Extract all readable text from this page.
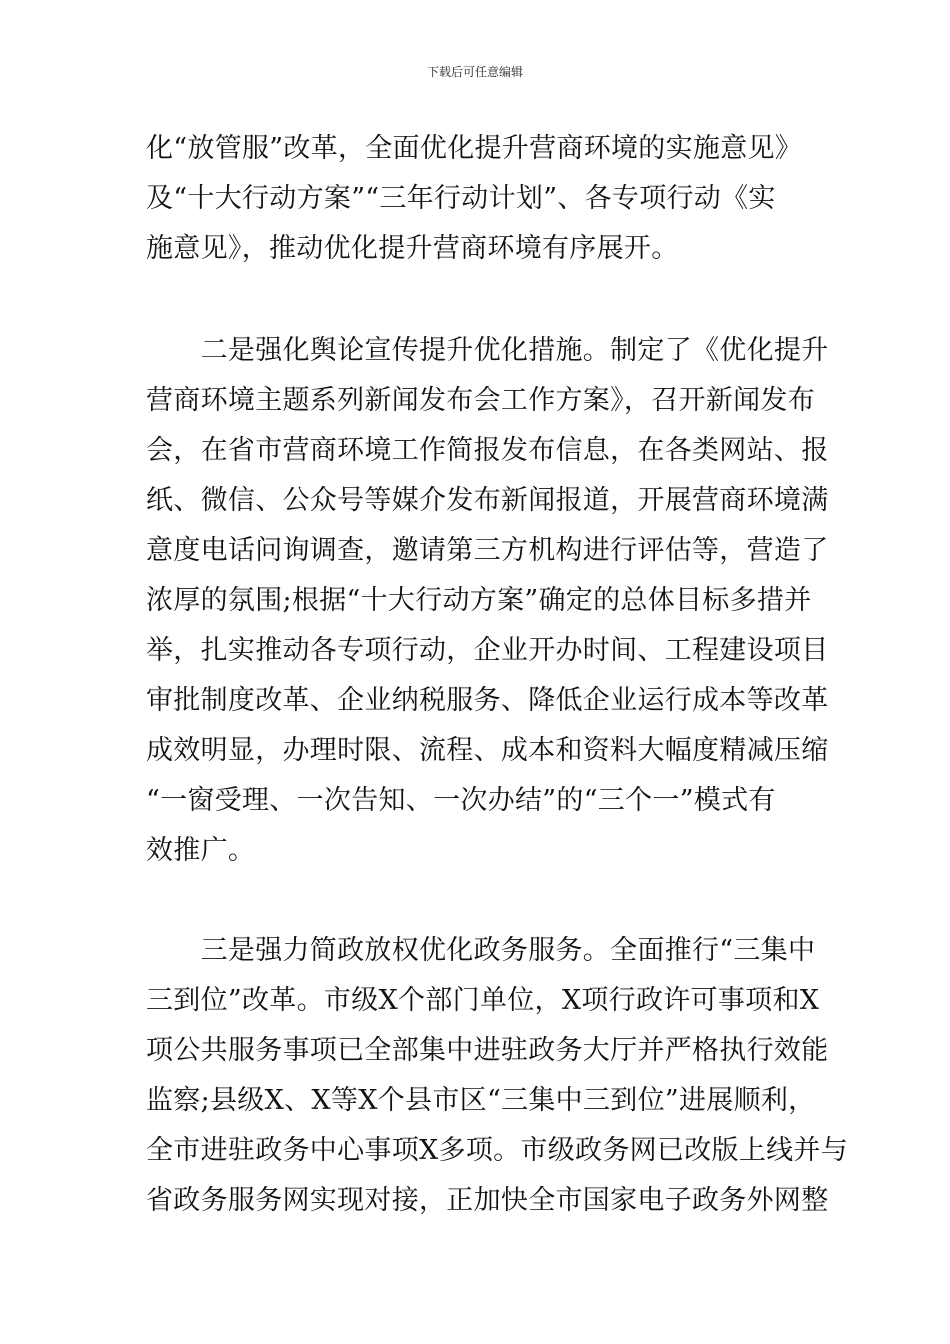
下载后可任意编辑
化“放管服”改革，全面优化提升营商环境的实施意见》
及“十大行动方案”“三年行动计划”、各专项行动《实
施意见》，推动优化提升营商环境有序展开。
　　二是强化舆论宣传提升优化措施。制定了《优化提升
营商环境主题系列新闻发布会工作方案》，召开新闻发布
会，在省市营商环境工作简报发布信息，在各类网站、报
纸、微信、公众号等媒介发布新闻报道，开展营商环境满
意度电话问询调查，邀请第三方机构进行评估等，营造了
浓厚的氛围;根据“十大行动方案”确定的总体目标多措并
举，扎实推动各专项行动，企业开办时间、工程建设项目
审批制度改革、企业纳税服务、降低企业运行成本等改革
成效明显，办理时限、流程、成本和资料大幅度精减压缩
“一窗受理、一次告知、一次办结”的“三个一”模式有
效推广。
　　三是强力简政放权优化政务服务。全面推行“三集中
三到位”改革。市级X个部门单位，X项行政许可事项和X
项公共服务事项已全部集中进驻政务大厅并严格执行效能
监察;县级X、X等X个县市区“三集中三到位”进展顺利，
全市进驻政务中心事项X多项。市级政务网已改版上线并与
省政务服务网实现对接，正加快全市国家电子政务外网整
